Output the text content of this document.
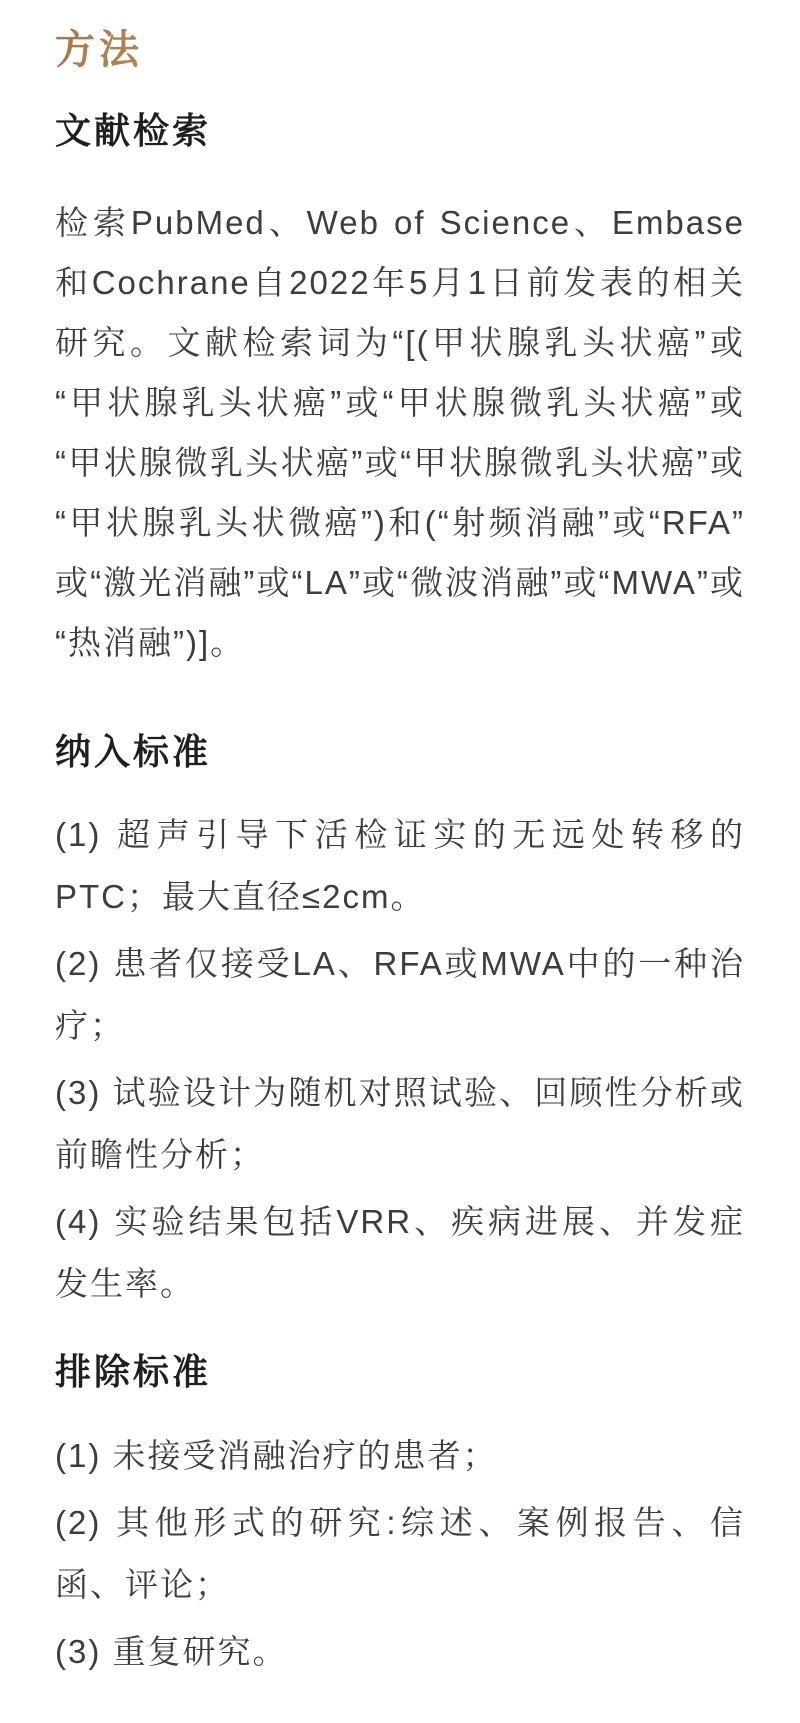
方法
文献检索

检索PubMed、Web of Science、Embase和Cochrane自2022年5月1日前发表的相关研究。文献检索词为“[(甲状腺乳头状癌”或“甲状腺乳头状癌”或“甲状腺微乳头状癌”或“甲状腺微乳头状癌”或“甲状腺微乳头状癌”或“甲状腺乳头状微癌”)和(“射频消融”或“RFA”或“激光消融”或“LA”或“微波消融”或“MWA”或“热消融”)]。

纳入标准

(1) 超声引导下活检证实的无远处转移的PTC；最大直径≤2cm。

(2) 患者仅接受LA、RFA或MWA中的一种治疗；

(3) 试验设计为随机对照试验、回顾性分析或前瞻性分析；

(4) 实验结果包括VRR、疾病进展、并发症发生率。

排除标准

(1) 未接受消融治疗的患者；

(2) 其他形式的研究:综述、案例报告、信函、评论；

(3) 重复研究。
